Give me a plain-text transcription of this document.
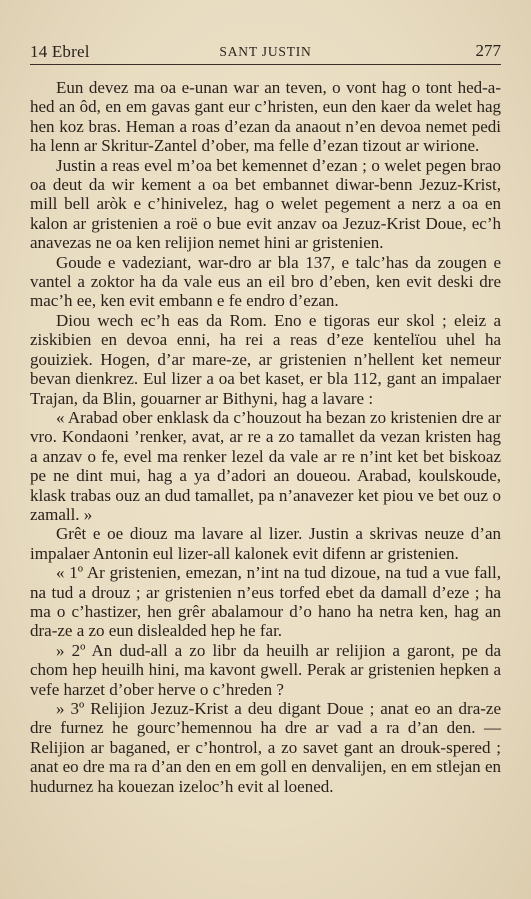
14 Ebrel	SANT JUSTIN	277

Eun devez ma oa e-unan war an teven, o vont hag o tont hed-a-hed an ôd, en em gavas gant eur c’hristen, eun den kaer da welet hag hen koz bras. Heman a roas d’ezan da anaout n’en devoa nemet pedi ha lenn ar Skritur-Zantel d’ober, ma felle d’ezan tizout ar wirione.

Justin a reas evel m’oa bet kemennet d’ezan ; o welet pegen brao oa deut da wir kement a oa bet embannet diwar-benn Jezuz-Krist, mill bell aròk e c’hinivelez, hag o welet pegement a nerz a oa en kalon ar gristenien a roë o bue evit anzav oa Jezuz-Krist Doue, ec’h anavezas ne oa ken relijion nemet hini ar gristenien.

Goude e vadeziant, war-dro ar bla 137, e talc’has da zougen e vantel a zoktor ha da vale eus an eil bro d’eben, ken evit deski dre mac’h ee, ken evit embann e fe endro d’ezan.

Diou wech ec’h eas da Rom. Eno e tigoras eur skol ; eleiz a ziskibien en devoa enni, ha rei a reas d’eze kentelïou uhel ha gouiziek. Hogen, d’ar mare-ze, ar gristenien n’hellent ket nemeur bevan dienkrez. Eul lizer a oa bet kaset, er bla 112, gant an impalaer Trajan, da Blin, gouarner ar Bithyni, hag a lavare :

« Arabad ober enklask da c’houzout ha bezan zo kristenien dre ar vro. Kondaoni ’renker, avat, ar re a zo tamallet da vezan kristen hag a anzav o fe, evel ma renker lezel da vale ar re n’int ket bet biskoaz pe ne dint mui, hag a ya d’adori an doueou. Arabad, koulskoude, klask trabas ouz an dud tamallet, pa n’anavezer ket piou ve bet ouz o zamall. »

Grêt e oe diouz ma lavare al lizer. Justin a skrivas neuze d’an impalaer Antonin eul lizer-all kalonek evit difenn ar gristenien.

« 1º Ar gristenien, emezan, n’int na tud dizoue, na tud a vue fall, na tud a drouz ; ar gristenien n’eus torfed ebet da damall d’eze ; ha ma o c’hastizer, hen grêr abalamour d’o hano ha netra ken, hag an dra-ze a zo eun dislealded hep he far.

» 2º An dud-all a zo libr da heuilh ar relijion a garont, pe da chom hep heuilh hini, ma kavont gwell. Perak ar gristenien hepken a vefe harzet d’ober herve o c’hreden ?

» 3º Relijion Jezuz-Krist a deu digant Doue ; anat eo an dra-ze dre furnez he gourc’hemennou ha dre ar vad a ra d’an den. — Relijion ar baganed, er c’hontrol, a zo savet gant an drouk-spered ; anat eo dre ma ra d’an den en em goll en denvalijen, en em stlejan en hudurnez ha kouezan izeloc’h evit al loened.
